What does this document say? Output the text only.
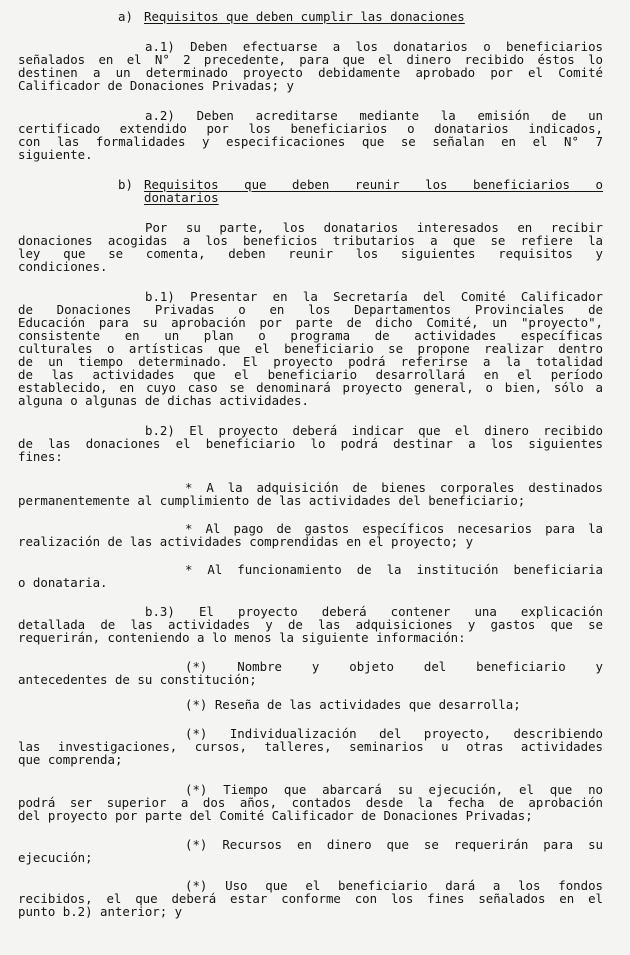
a) Requisitos que deben cumplir las donaciones

a.1) Deben efectuarse a los donatarios o beneficiarios

señalados en el N° 2 precedente, para que el dinero recibido éstos lo

destinen a un determinado proyecto debidamente aprobado por el Comité

Calificador de Donaciones Privadas; y

a.2) Deben acreditarse mediante la emisión de un

certificado extendido por los beneficiarios o donatarios indicados,

con las formalidades y especificaciones que se señalan en el N° 7

siguiente.

b) Requisitos que deben reunir los beneficiarios o

donatarios

Por su parte, los donatarios interesados en recibir

donaciones acogidas a los beneficios tributarios a que se refiere la

ley que se comenta, deben reunir los siguientes requisitos y

condiciones.

b.1) Presentar en la Secretaría del Comité Calificador

de Donaciones Privadas o en los Departamentos Provinciales de

Educación para su aprobación por parte de dicho Comité, un "proyecto",

consistente en un plan o programa de actividades específicas

culturales o artísticas que el beneficiario se propone realizar dentro

de un tiempo determinado. El proyecto podrá referirse a la totalidad

de las actividades que el beneficiario desarrollará en el período

establecido, en cuyo caso se denominará proyecto general, o bien, sólo a

alguna o algunas de dichas actividades.

b.2) El proyecto deberá indicar que el dinero recibido

de las donaciones el beneficiario lo podrá destinar a los siguientes

fines:

* A la adquisición de bienes corporales destinados

permanentemente al cumplimiento de las actividades del beneficiario;

* Al pago de gastos específicos necesarios para la

realización de las actividades comprendidas en el proyecto; y

* Al funcionamiento de la institución beneficiaria

o donataria.

b.3) El proyecto deberá contener una explicación

detallada de las actividades y de las adquisiciones y gastos que se

requerirán, conteniendo a lo menos la siguiente información:

(*) Nombre y objeto del beneficiario y

antecedentes de su constitución;

(*) Reseña de las actividades que desarrolla;

(*) Individualización del proyecto, describiendo

las investigaciones, cursos, talleres, seminarios u otras actividades

que comprenda;

(*) Tiempo que abarcará su ejecución, el que no

podrá ser superior a dos años, contados desde la fecha de aprobación

del proyecto por parte del Comité Calificador de Donaciones Privadas;

(*) Recursos en dinero que se requerirán para su

ejecución;

(*) Uso que el beneficiario dará a los fondos

recibidos, el que deberá estar conforme con los fines señalados en el

punto b.2) anterior; y
